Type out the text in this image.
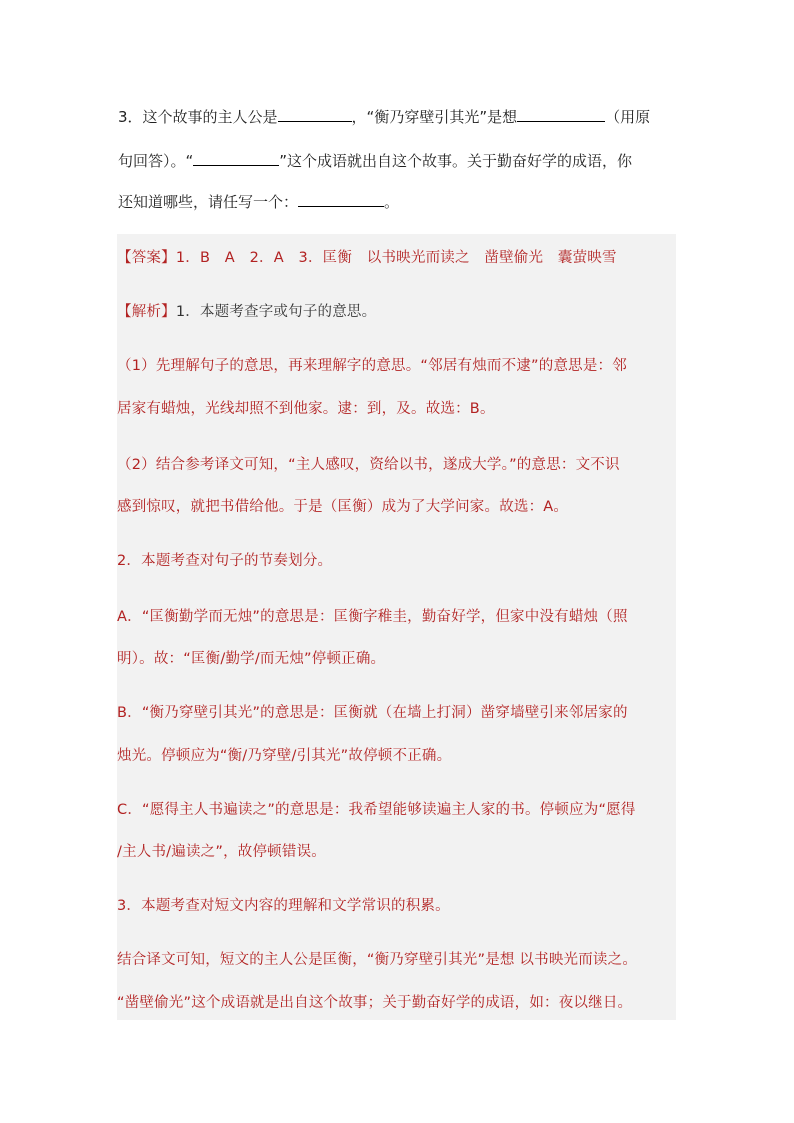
3．这个故事的主人公是	，“衡乃穿壁引其光”是想	（用原
句回答）。“	”这个成语就出自这个故事。关于勤奋好学的成语，你
还知道哪些，请任写一个：	。
【答案】1．B　A　2．A　3．匡衡　以书映光而读之　凿壁偷光　囊萤映雪
【解析】1．本题考查字或句子的意思。
（1）先理解句子的意思，再来理解字的意思。“邻居有烛而不逮”的意思是：邻
居家有蜡烛，光线却照不到他家。逮：到，及。故选：B。
（2）结合参考译文可知，“主人感叹，资给以书，遂成大学。”的意思：文不识
感到惊叹，就把书借给他。于是（匡衡）成为了大学问家。故选：A。
2．本题考查对句子的节奏划分。
A．“匡衡勤学而无烛”的意思是：匡衡字稚圭，勤奋好学，但家中没有蜡烛（照
明）。故：“匡衡/勤学/而无烛”停顿正确。
B．“衡乃穿壁引其光”的意思是：匡衡就（在墙上打洞）凿穿墙壁引来邻居家的
烛光。停顿应为“衡/乃穿壁/引其光”故停顿不正确。
C．“愿得主人书遍读之”的意思是：我希望能够读遍主人家的书。停顿应为“愿得
/主人书/遍读之”，故停顿错误。
3．本题考查对短文内容的理解和文学常识的积累。
结合译文可知，短文的主人公是匡衡，“衡乃穿壁引其光”是想 以书映光而读之。
“凿壁偷光”这个成语就是出自这个故事；关于勤奋好学的成语，如：夜以继日。
